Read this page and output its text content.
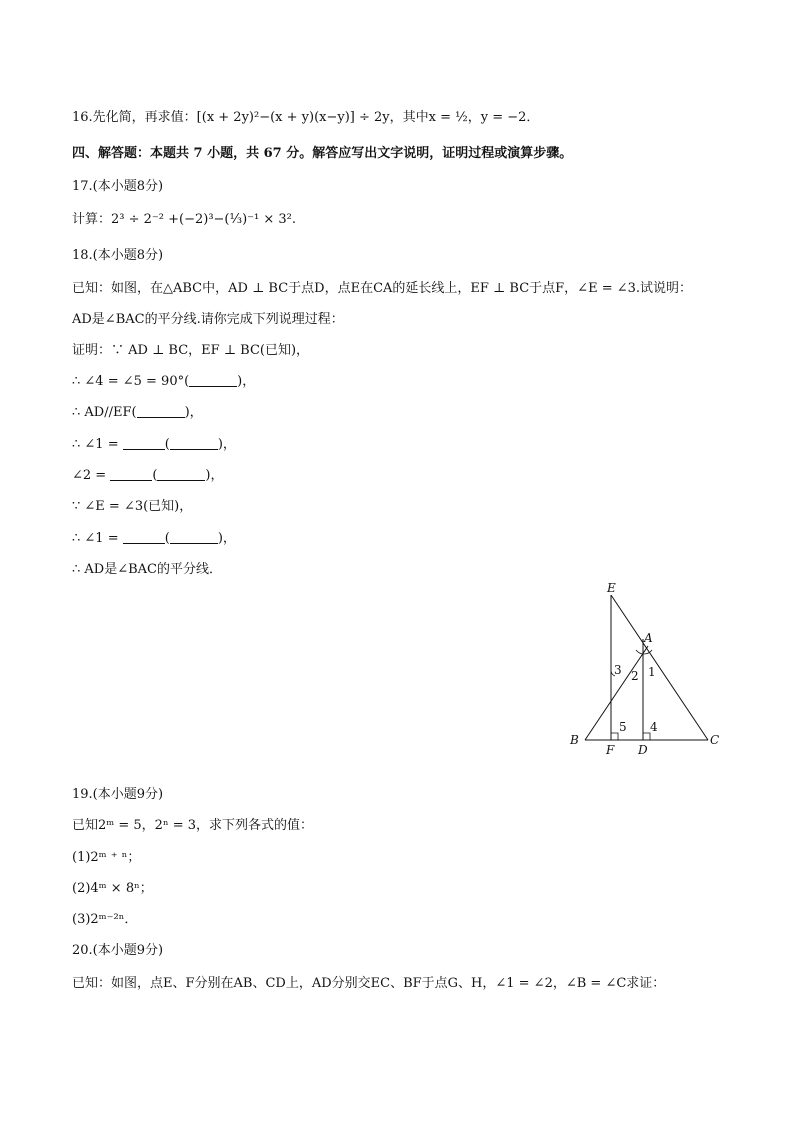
16.先化简，再求值：[(x + 2y)²−(x + y)(x−y)] ÷ 2y，其中x = ½，y = −2．
四、解答题：本题共 7 小题，共 67 分。解答应写出文字说明，证明过程或演算步骤。
17.(本小题8分)
计算：2³ ÷ 2⁻² +(−2)³−(⅓)⁻¹ × 3².
18.(本小题8分)
已知：如图，在△ABC中，AD ⊥ BC于点D，点E在CA的延长线上，EF ⊥ BC于点F，∠E = ∠3.试说明：
AD是∠BAC的平分线.请你完成下列说理过程：
证明：∵ AD ⊥ BC，EF ⊥ BC(已知)，
∴ ∠4 = ∠5 = 90°(	)，
∴ AD//EF(	)，
∴ ∠1 =	(	)，
∠2 =	(	)，
∵ ∠E = ∠3(已知)，
∴ ∠1 =	(	)，
∴ AD是∠BAC的平分线．
E
A
B
F D
C
1
2
3
4
5
19.(本小题9分)
已知2ᵐ = 5，2ⁿ = 3，求下列各式的值：
(1)2ᵐ ⁺ ⁿ；
(2)4ᵐ × 8ⁿ；
(3)2ᵐ⁻²ⁿ．
20.(本小题9分)
已知：如图，点E、F分别在AB、CD上，AD分别交EC、BF于点G、H，∠1 = ∠2，∠B = ∠C求证：
